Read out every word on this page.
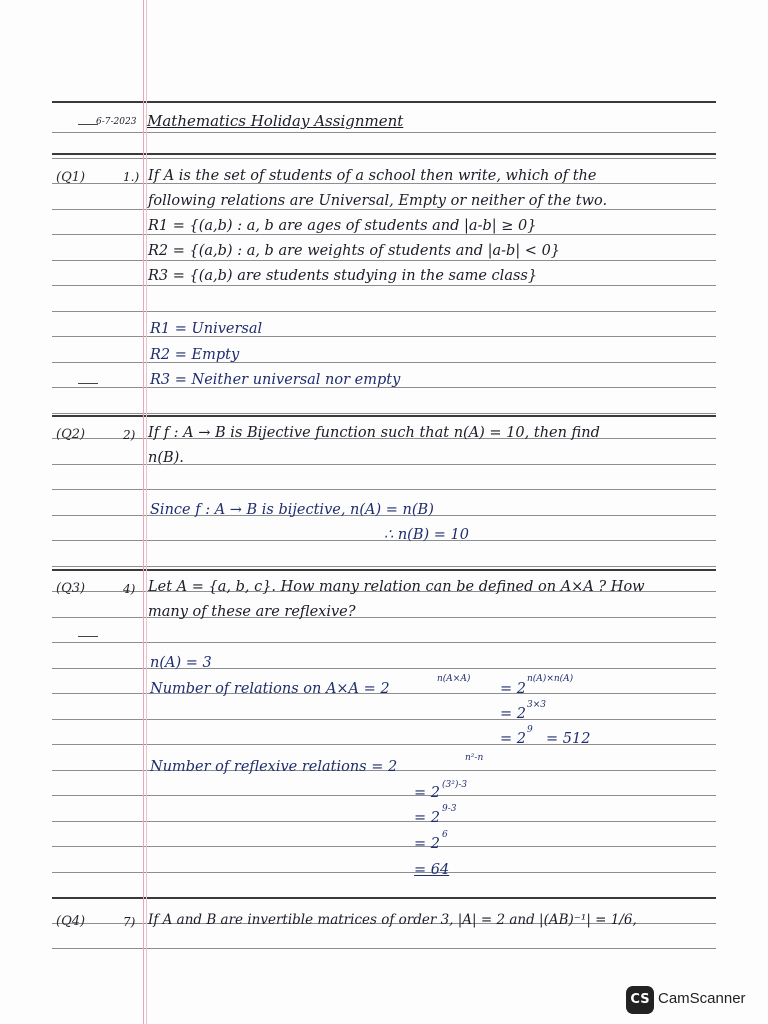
6-7-2023 Mathematics Holiday Assignment
(Q1)	1.) If A is the set of students of a school then write, which of the
following relations are Universal, Empty or neither of the two.
R1 = {(a,b) : a, b are ages of students and |a-b| ≥ 0}
R2 = {(a,b) : a, b are weights of students and |a-b| < 0}
R3 = {(a,b) are students studying in the same class}
R1 = Universal
R2 = Empty
R3 = Neither universal nor empty
(Q2)	2) If f : A → B is Bijective function such that n(A) = 10, then find
n(B).
Since f : A → B is bijective, n(A) = n(B)
∴ n(B) = 10
(Q3)	4) Let A = {a, b, c}. How many relation can be defined on A×A ? How
many of these are reflexive?
n(A) = 3
Number of relations on A×A = 2
n(A×A)
= 2
n(A)×n(A)
= 2
3×3
= 2
9
= 512
Number of reflexive relations = 2
n²-n
= 2 (3²)-3
= 2
9-3
= 2
6
= 64
(Q4)	7) If A and B are invertible matrices of order 3, |A| = 2 and |(AB)⁻¹| = 1/6,
CS CamScanner
